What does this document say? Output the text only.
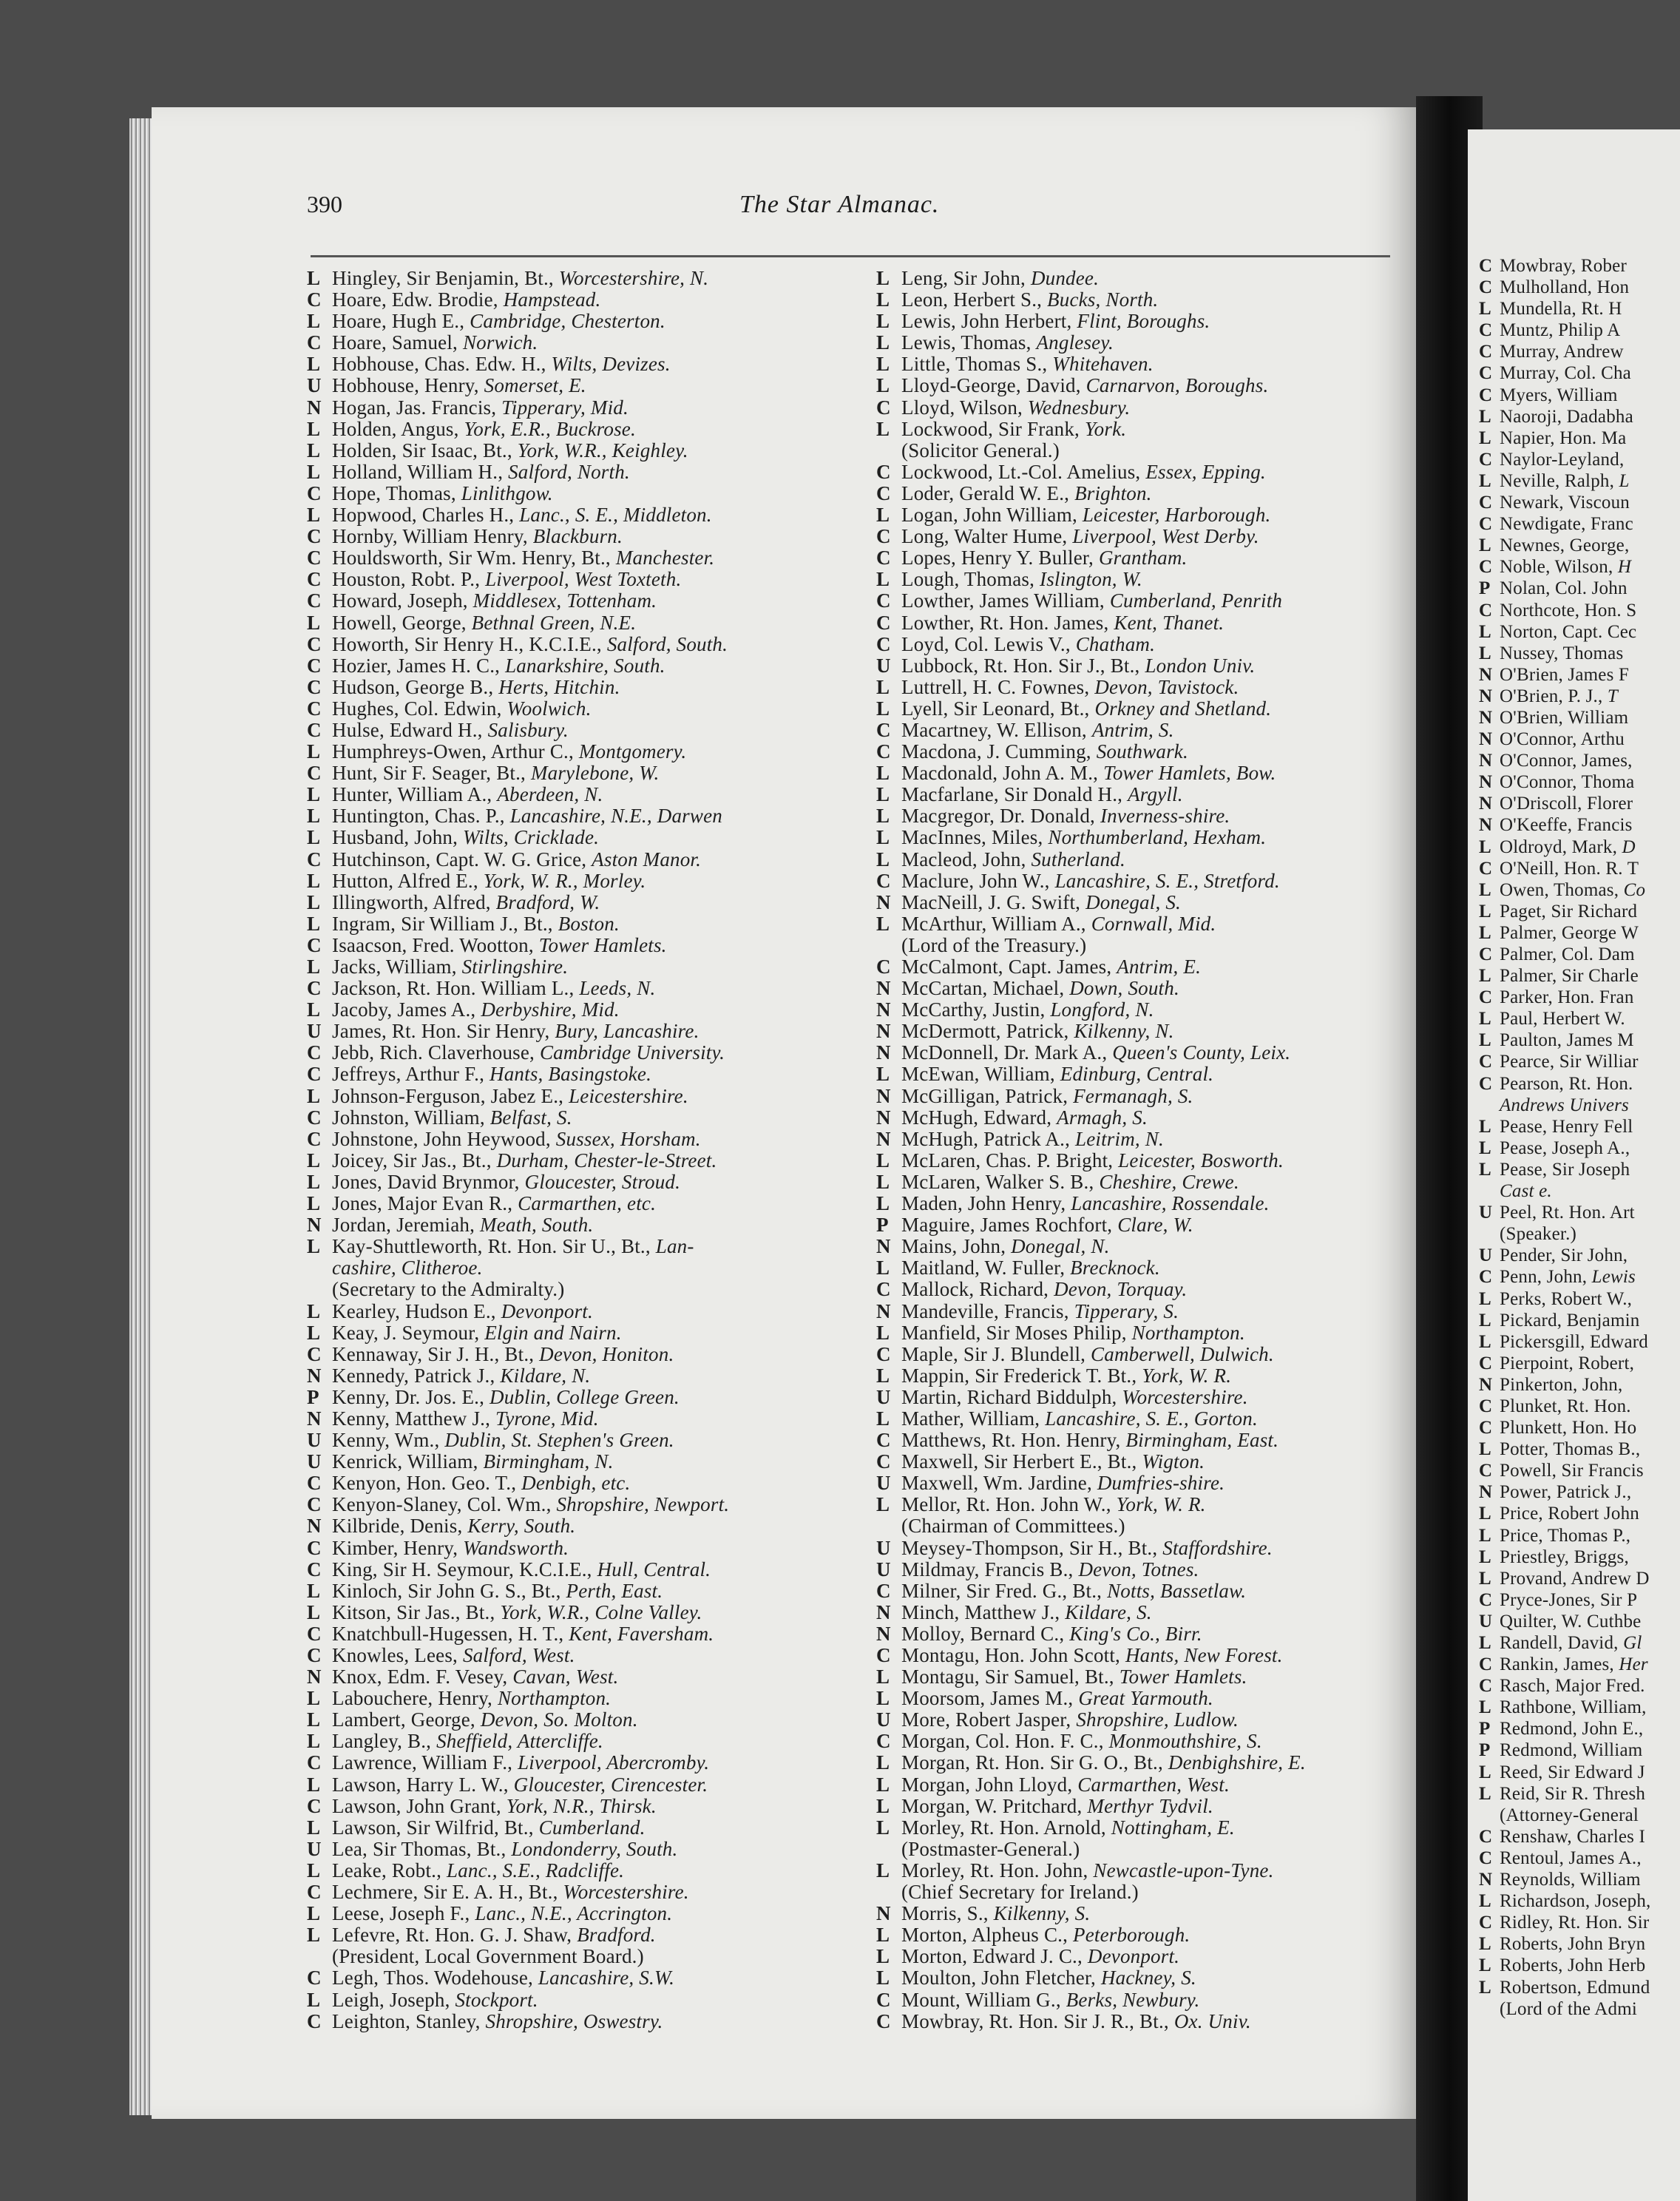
390	The Star Almanac.
L Hingley, Sir Benjamin, Bt., Worcestershire, N.
C Hoare, Edw. Brodie, Hampstead.
L Hoare, Hugh E., Cambridge, Chesterton.
C Hoare, Samuel, Norwich.
L Hobhouse, Chas. Edw. H., Wilts, Devizes.
U Hobhouse, Henry, Somerset, E.
N Hogan, Jas. Francis, Tipperary, Mid.
L Holden, Angus, York, E.R., Buckrose.
L Holden, Sir Isaac, Bt., York, W.R., Keighley.
L Holland, William H., Salford, North.
C Hope, Thomas, Linlithgow.
L Hopwood, Charles H., Lanc., S. E., Middleton.
C Hornby, William Henry, Blackburn.
C Houldsworth, Sir Wm. Henry, Bt., Manchester.
C Houston, Robt. P., Liverpool, West Toxteth.
C Howard, Joseph, Middlesex, Tottenham.
L Howell, George, Bethnal Green, N.E.
C Howorth, Sir Henry H., K.C.I.E., Salford, South.
C Hozier, James H. C., Lanarkshire, South.
C Hudson, George B., Herts, Hitchin.
C Hughes, Col. Edwin, Woolwich.
C Hulse, Edward H., Salisbury.
L Humphreys-Owen, Arthur C., Montgomery.
C Hunt, Sir F. Seager, Bt., Marylebone, W.
L Hunter, William A., Aberdeen, N.
L Huntington, Chas. P., Lancashire, N.E., Darwen
L Husband, John, Wilts, Cricklade.
C Hutchinson, Capt. W. G. Grice, Aston Manor.
L Hutton, Alfred E., York, W. R., Morley.
L Illingworth, Alfred, Bradford, W.
L Ingram, Sir William J., Bt., Boston.
C Isaacson, Fred. Wootton, Tower Hamlets.
L Jacks, William, Stirlingshire.
C Jackson, Rt. Hon. William L., Leeds, N.
L Jacoby, James A., Derbyshire, Mid.
U James, Rt. Hon. Sir Henry, Bury, Lancashire.
C Jebb, Rich. Claverhouse, Cambridge University.
C Jeffreys, Arthur F., Hants, Basingstoke.
L Johnson-Ferguson, Jabez E., Leicestershire.
C Johnston, William, Belfast, S.
C Johnstone, John Heywood, Sussex, Horsham.
L Joicey, Sir Jas., Bt., Durham, Chester-le-Street.
L Jones, David Brynmor, Gloucester, Stroud.
L Jones, Major Evan R., Carmarthen, etc.
N Jordan, Jeremiah, Meath, South.
L Kay-Shuttleworth, Rt. Hon. Sir U., Bt., Lan-
cashire, Clitheroe.
(Secretary to the Admiralty.)
L Kearley, Hudson E., Devonport.
L Keay, J. Seymour, Elgin and Nairn.
C Kennaway, Sir J. H., Bt., Devon, Honiton.
N Kennedy, Patrick J., Kildare, N.
P Kenny, Dr. Jos. E., Dublin, College Green.
N Kenny, Matthew J., Tyrone, Mid.
U Kenny, Wm., Dublin, St. Stephen's Green.
U Kenrick, William, Birmingham, N.
C Kenyon, Hon. Geo. T., Denbigh, etc.
C Kenyon-Slaney, Col. Wm., Shropshire, Newport.
N Kilbride, Denis, Kerry, South.
C Kimber, Henry, Wandsworth.
C King, Sir H. Seymour, K.C.I.E., Hull, Central.
L Kinloch, Sir John G. S., Bt., Perth, East.
L Kitson, Sir Jas., Bt., York, W.R., Colne Valley.
C Knatchbull-Hugessen, H. T., Kent, Faversham.
C Knowles, Lees, Salford, West.
N Knox, Edm. F. Vesey, Cavan, West.
L Labouchere, Henry, Northampton.
L Lambert, George, Devon, So. Molton.
L Langley, B., Sheffield, Attercliffe.
C Lawrence, William F., Liverpool, Abercromby.
L Lawson, Harry L. W., Gloucester, Cirencester.
C Lawson, John Grant, York, N.R., Thirsk.
L Lawson, Sir Wilfrid, Bt., Cumberland.
U Lea, Sir Thomas, Bt., Londonderry, South.
L Leake, Robt., Lanc., S.E., Radcliffe.
C Lechmere, Sir E. A. H., Bt., Worcestershire.
L Leese, Joseph F., Lanc., N.E., Accrington.
L Lefevre, Rt. Hon. G. J. Shaw, Bradford.
(President, Local Government Board.)
C Legh, Thos. Wodehouse, Lancashire, S.W.
L Leigh, Joseph, Stockport.
C Leighton, Stanley, Shropshire, Oswestry.
L Leng, Sir John, Dundee.
L Leon, Herbert S., Bucks, North.
L Lewis, John Herbert, Flint, Boroughs.
L Lewis, Thomas, Anglesey.
L Little, Thomas S., Whitehaven.
L Lloyd-George, David, Carnarvon, Boroughs.
C Lloyd, Wilson, Wednesbury.
L Lockwood, Sir Frank, York.
(Solicitor General.)
C Lockwood, Lt.-Col. Amelius, Essex, Epping.
C Loder, Gerald W. E., Brighton.
L Logan, John William, Leicester, Harborough.
C Long, Walter Hume, Liverpool, West Derby.
C Lopes, Henry Y. Buller, Grantham.
L Lough, Thomas, Islington, W.
C Lowther, James William, Cumberland, Penrith
C Lowther, Rt. Hon. James, Kent, Thanet.
C Loyd, Col. Lewis V., Chatham.
U Lubbock, Rt. Hon. Sir J., Bt., London Univ.
L Luttrell, H. C. Fownes, Devon, Tavistock.
L Lyell, Sir Leonard, Bt., Orkney and Shetland.
C Macartney, W. Ellison, Antrim, S.
C Macdona, J. Cumming, Southwark.
L Macdonald, John A. M., Tower Hamlets, Bow.
L Macfarlane, Sir Donald H., Argyll.
L Macgregor, Dr. Donald, Inverness-shire.
L MacInnes, Miles, Northumberland, Hexham.
L Macleod, John, Sutherland.
C Maclure, John W., Lancashire, S. E., Stretford.
N MacNeill, J. G. Swift, Donegal, S.
L McArthur, William A., Cornwall, Mid.
(Lord of the Treasury.)
C McCalmont, Capt. James, Antrim, E.
N McCartan, Michael, Down, South.
N McCarthy, Justin, Longford, N.
N McDermott, Patrick, Kilkenny, N.
N McDonnell, Dr. Mark A., Queen's County, Leix.
L McEwan, William, Edinburg, Central.
N McGilligan, Patrick, Fermanagh, S.
N McHugh, Edward, Armagh, S.
N McHugh, Patrick A., Leitrim, N.
L McLaren, Chas. P. Bright, Leicester, Bosworth.
L McLaren, Walker S. B., Cheshire, Crewe.
L Maden, John Henry, Lancashire, Rossendale.
P Maguire, James Rochfort, Clare, W.
N Mains, John, Donegal, N.
L Maitland, W. Fuller, Brecknock.
C Mallock, Richard, Devon, Torquay.
N Mandeville, Francis, Tipperary, S.
L Manfield, Sir Moses Philip, Northampton.
C Maple, Sir J. Blundell, Camberwell, Dulwich.
L Mappin, Sir Frederick T. Bt., York, W. R.
U Martin, Richard Biddulph, Worcestershire.
L Mather, William, Lancashire, S. E., Gorton.
C Matthews, Rt. Hon. Henry, Birmingham, East.
C Maxwell, Sir Herbert E., Bt., Wigton.
U Maxwell, Wm. Jardine, Dumfries-shire.
L Mellor, Rt. Hon. John W., York, W. R.
(Chairman of Committees.)
U Meysey-Thompson, Sir H., Bt., Staffordshire.
U Mildmay, Francis B., Devon, Totnes.
C Milner, Sir Fred. G., Bt., Notts, Bassetlaw.
N Minch, Matthew J., Kildare, S.
N Molloy, Bernard C., King's Co., Birr.
C Montagu, Hon. John Scott, Hants, New Forest.
L Montagu, Sir Samuel, Bt., Tower Hamlets.
L Moorsom, James M., Great Yarmouth.
U More, Robert Jasper, Shropshire, Ludlow.
C Morgan, Col. Hon. F. C., Monmouthshire, S.
L Morgan, Rt. Hon. Sir G. O., Bt., Denbighshire, E.
L Morgan, John Lloyd, Carmarthen, West.
L Morgan, W. Pritchard, Merthyr Tydvil.
L Morley, Rt. Hon. Arnold, Nottingham, E.
(Postmaster-General.)
L Morley, Rt. Hon. John, Newcastle-upon-Tyne.
(Chief Secretary for Ireland.)
N Morris, S., Kilkenny, S.
L Morton, Alpheus C., Peterborough.
L Morton, Edward J. C., Devonport.
L Moulton, John Fletcher, Hackney, S.
C Mount, William G., Berks, Newbury.
C Mowbray, Rt. Hon. Sir J. R., Bt., Ox. Univ.
C Mowbray, Rober
C Mulholland, Hon
L Mundella, Rt. H
C Muntz, Philip A
C Murray, Andrew
C Murray, Col. Cha
C Myers, William
L Naoroji, Dadabha
L Napier, Hon. Ma
C Naylor-Leyland,
L Neville, Ralph, L
C Newark, Viscoun
C Newdigate, Franc
L Newnes, George,
C Noble, Wilson, H
P Nolan, Col. John
C Northcote, Hon. S
L Norton, Capt. Cec
L Nussey, Thomas
N O'Brien, James F
N O'Brien, P. J., T
N O'Brien, William
N O'Connor, Arthu
N O'Connor, James,
N O'Connor, Thoma
N O'Driscoll, Florer
N O'Keeffe, Francis
L Oldroyd, Mark, D
C O'Neill, Hon. R. T
L Owen, Thomas, Co
L Paget, Sir Richard
L Palmer, George W
C Palmer, Col. Dam
L Palmer, Sir Charle
C Parker, Hon. Fran
L Paul, Herbert W.
L Paulton, James M
C Pearce, Sir Williar
C Pearson, Rt. Hon.
Andrews Univers
L Pease, Henry Fell
L Pease, Joseph A.,
L Pease, Sir Joseph
Cast e.
U Peel, Rt. Hon. Art
(Speaker.)
U Pender, Sir John,
C Penn, John, Lewis
L Perks, Robert W.,
L Pickard, Benjamin
L Pickersgill, Edward
C Pierpoint, Robert,
N Pinkerton, John,
C Plunket, Rt. Hon.
C Plunkett, Hon. Ho
L Potter, Thomas B.,
C Powell, Sir Francis
N Power, Patrick J.,
L Price, Robert John
L Price, Thomas P.,
L Priestley, Briggs,
L Provand, Andrew D
C Pryce-Jones, Sir P
U Quilter, W. Cuthbe
L Randell, David, Gl
C Rankin, James, Her
C Rasch, Major Fred.
L Rathbone, William,
P Redmond, John E.,
P Redmond, William
L Reed, Sir Edward J
L Reid, Sir R. Thresh
(Attorney-General
C Renshaw, Charles I
C Rentoul, James A.,
N Reynolds, William
L Richardson, Joseph,
C Ridley, Rt. Hon. Sir
L Roberts, John Bryn
L Roberts, John Herb
L Robertson, Edmund
(Lord of the Admi
